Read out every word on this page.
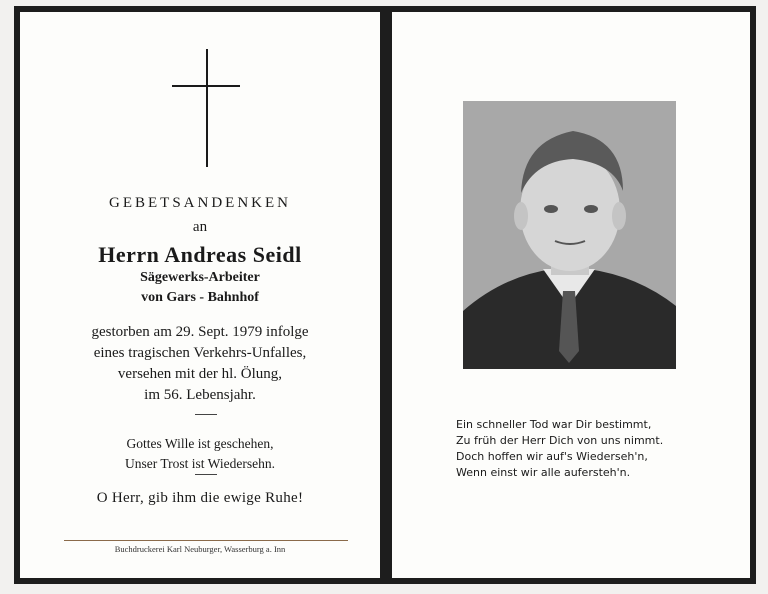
GEBETSANDENKEN
an
Herrn Andreas Seidl
Sägewerks-Arbeiter
von Gars - Bahnhof
gestorben am 29. Sept. 1979 infolge
eines tragischen Verkehrs-Unfalles,
versehen mit der hl. Ölung,
im 56. Lebensjahr.
Gottes Wille ist geschehen,
Unser Trost ist Wiedersehn.
O Herr, gib ihm die ewige Ruhe!
Buchdruckerei Karl Neuburger, Wasserburg a. Inn
Ein schneller Tod war Dir bestimmt,
Zu früh der Herr Dich von uns nimmt.
Doch hoffen wir auf's Wiederseh'n,
Wenn einst wir alle aufersteh'n.
